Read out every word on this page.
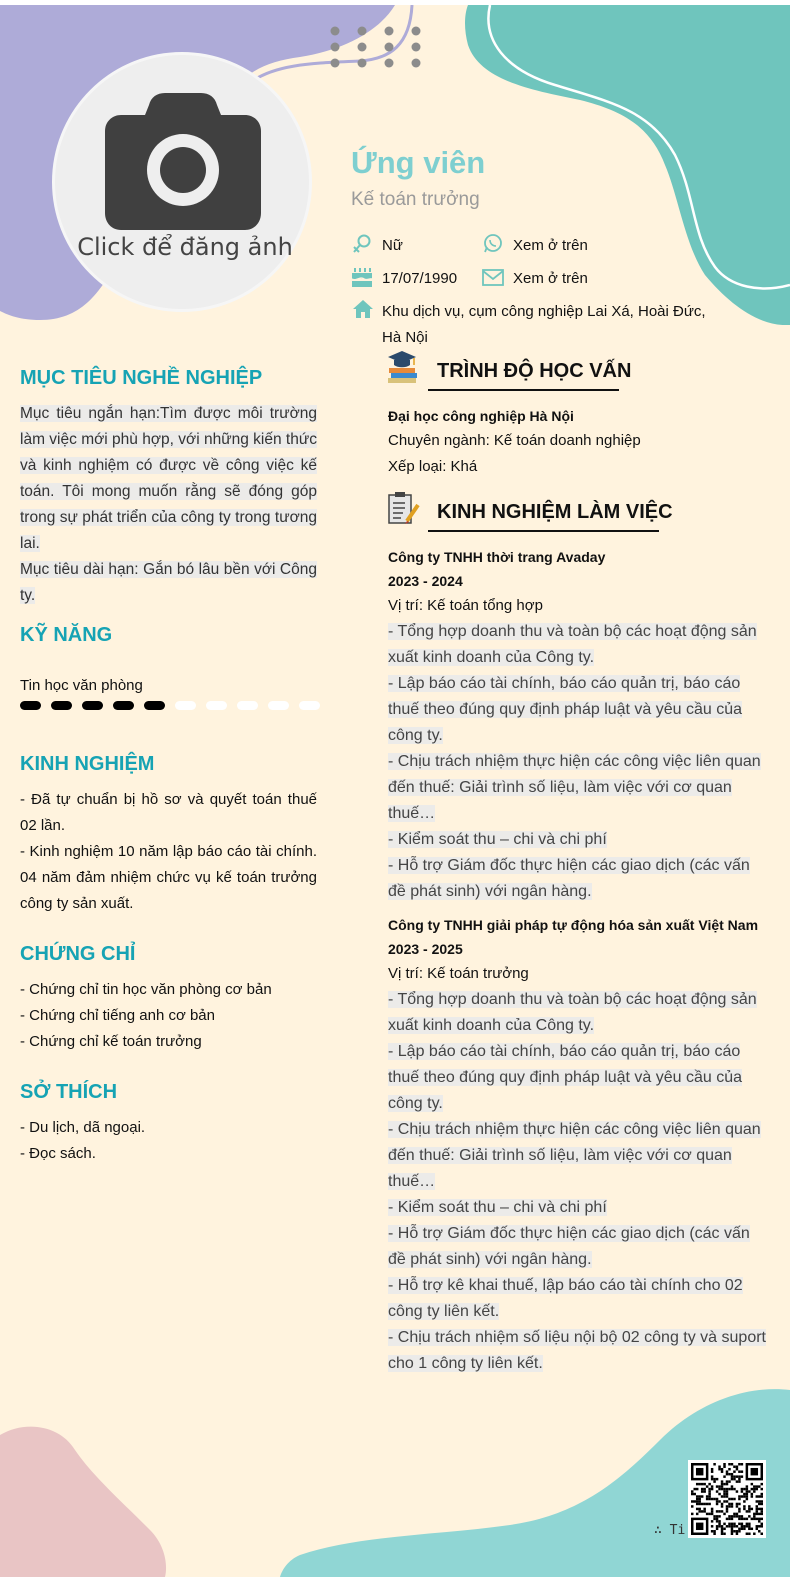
Click để đăng ảnh
Ứng viên
Kế toán trưởng
Nữ	Xem ở trên
17/07/1990	Xem ở trên
Khu dịch vụ, cụm công nghiệp Lai Xá, Hoài Đức,
Hà Nội
MỤC TIÊU NGHỀ NGHIỆP
Mục tiêu ngắn hạn:Tìm được môi trường làm việc mới phù hợp, với những kiến thức và kinh nghiệm có được về công việc kế toán. Tôi mong muốn rằng sẽ đóng góp trong sự phát triển của công ty trong tương lai.
Mục tiêu dài hạn: Gắn bó lâu bền với Công ty.
KỸ NĂNG
Tin học văn phòng
KINH NGHIỆM
- Đã tự chuẩn bị hồ sơ và quyết toán thuế 02 lần.
- Kinh nghiệm 10 năm lập báo cáo tài chính. 04 năm đảm nhiệm chức vụ kế toán trưởng công ty sản xuất.
CHỨNG CHỈ
- Chứng chỉ tin học văn phòng cơ bản
- Chứng chỉ tiếng anh cơ bản
- Chứng chỉ kế toán trưởng
SỞ THÍCH
- Du lịch, dã ngoại.
- Đọc sách.
TRÌNH ĐỘ HỌC VẤN
Đại học công nghiệp Hà Nội
Chuyên ngành: Kế toán doanh nghiệp
Xếp loại: Khá
KINH NGHIỆM LÀM VIỆC
Công ty TNHH thời trang Avaday
2023 - 2024
Vị trí: Kế toán tổng hợp
- Tổng hợp doanh thu và toàn bộ các hoạt động sản xuất kinh doanh của Công ty.
- Lập báo cáo tài chính, báo cáo quản trị, báo cáo thuế theo đúng quy định pháp luật và yêu cầu của công ty.
- Chịu trách nhiệm thực hiện các công việc liên quan đến thuế: Giải trình số liệu, làm việc với cơ quan thuế…
- Kiểm soát thu – chi và chi phí
- Hỗ trợ Giám đốc thực hiện các giao dịch (các vấn đề phát sinh) với ngân hàng.
Công ty TNHH giải pháp tự động hóa sản xuất Việt Nam
2023 - 2025
Vị trí: Kế toán trưởng
- Tổng hợp doanh thu và toàn bộ các hoạt động sản xuất kinh doanh của Công ty.
- Lập báo cáo tài chính, báo cáo quản trị, báo cáo thuế theo đúng quy định pháp luật và yêu cầu của công ty.
- Chịu trách nhiệm thực hiện các công việc liên quan đến thuế: Giải trình số liệu, làm việc với cơ quan thuế…
- Kiểm soát thu – chi và chi phí
- Hỗ trợ Giám đốc thực hiện các giao dịch (các vấn đề phát sinh) với ngân hàng.
- Hỗ trợ kê khai thuế, lập báo cáo tài chính cho 02 công ty liên kết.
- Chịu trách nhiệm số liệu nội bộ 02 công ty và suport cho 1 công ty liên kết.
∴ Ti
